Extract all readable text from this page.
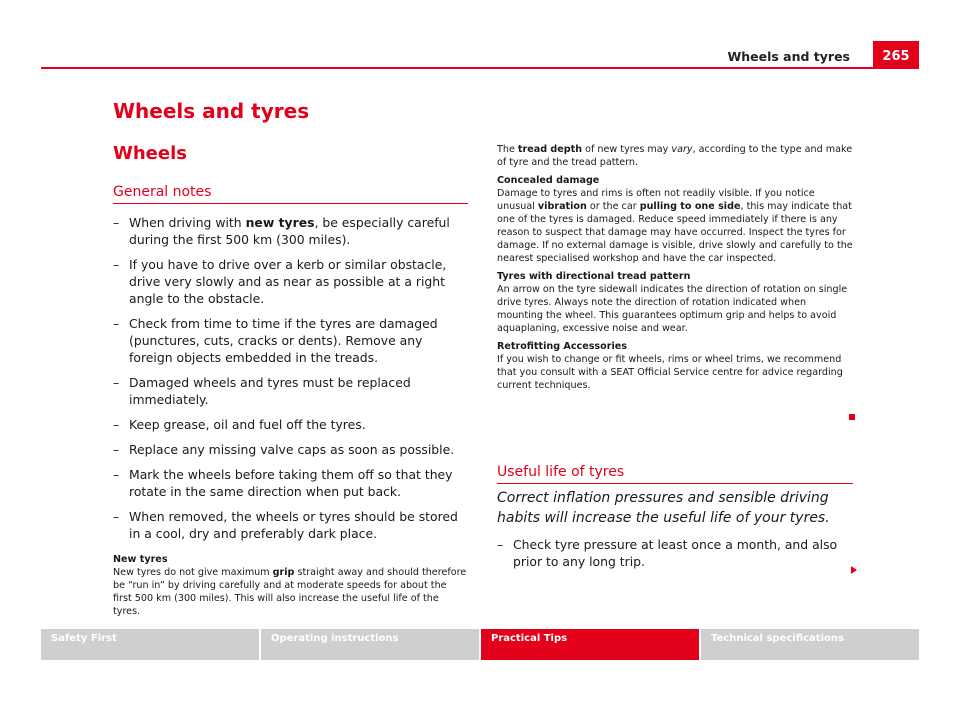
Wheels and tyres 265
Wheels and tyres
Wheels
General notes
– When driving with new tyres, be especially careful during the first 500 km (300 miles).
– If you have to drive over a kerb or similar obstacle, drive very slowly and as near as possible at a right angle to the obstacle.
– Check from time to time if the tyres are damaged (punctures, cuts, cracks or dents). Remove any foreign objects embedded in the treads.
– Damaged wheels and tyres must be replaced immediately.
– Keep grease, oil and fuel off the tyres.
– Replace any missing valve caps as soon as possible.
– Mark the wheels before taking them off so that they rotate in the same direction when put back.
– When removed, the wheels or tyres should be stored in a cool, dry and preferably dark place.
New tyres
New tyres do not give maximum grip straight away and should therefore be “run in” by driving carefully and at moderate speeds for about the first 500 km (300 miles). This will also increase the useful life of the tyres.
The tread depth of new tyres may vary, according to the type and make of tyre and the tread pattern.
Concealed damage
Damage to tyres and rims is often not readily visible. If you notice unusual vibration or the car pulling to one side, this may indicate that one of the tyres is damaged. Reduce speed immediately if there is any reason to suspect that damage may have occurred. Inspect the tyres for damage. If no external damage is visible, drive slowly and carefully to the nearest specialised workshop and have the car inspected.
Tyres with directional tread pattern
An arrow on the tyre sidewall indicates the direction of rotation on single drive tyres. Always note the direction of rotation indicated when mounting the wheel. This guarantees optimum grip and helps to avoid aquaplaning, excessive noise and wear.
Retrofitting Accessories
If you wish to change or fit wheels, rims or wheel trims, we recommend that you consult with a SEAT Official Service centre for advice regarding current techniques.
Useful life of tyres
Correct inflation pressures and sensible driving habits will increase the useful life of your tyres.
– Check tyre pressure at least once a month, and also prior to any long trip.
Safety First	Operating instructions	Practical Tips	Technical specifications
